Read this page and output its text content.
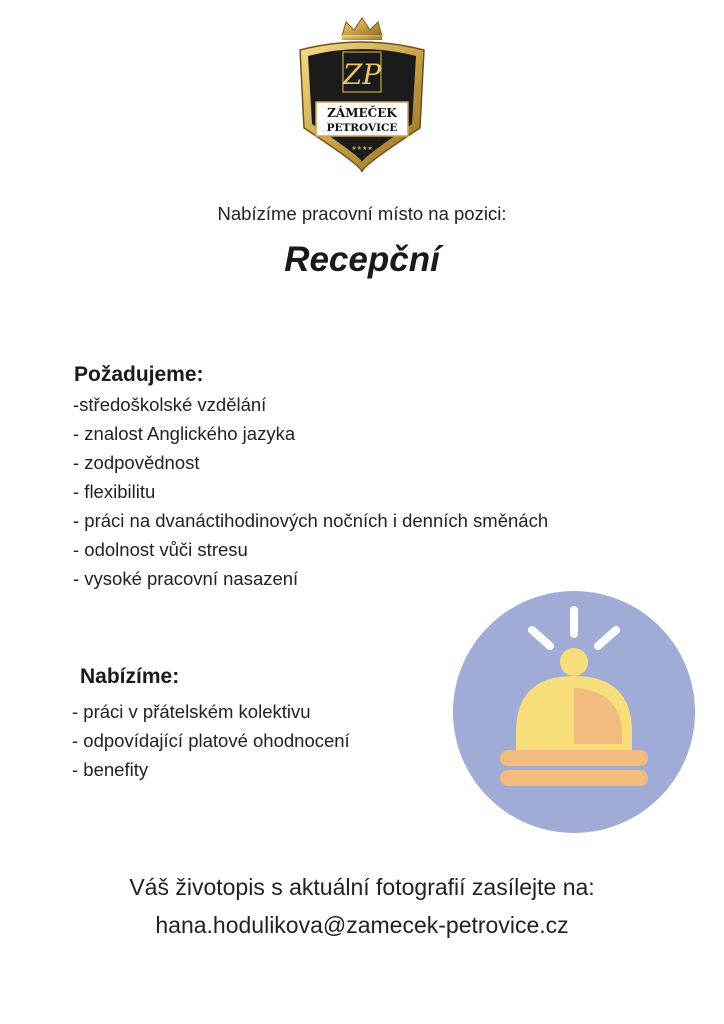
ZP
ZÁMEČEK
PETROVICE
★★★★
Nabízíme pracovní místo na pozici:
Recepční
Požadujeme:
-středoškolské vzdělání
- znalost Anglického jazyka
- zodpovědnost
- flexibilitu
- práci na dvanáctihodinových nočních i denních směnách
- odolnost vůči stresu
- vysoké pracovní nasazení
Nabízíme:
- práci v přátelském kolektivu
- odpovídající platové ohodnocení
- benefity
Váš životopis s aktuální fotografií zasílejte na:
hana.hodulikova@zamecek-petrovice.cz
